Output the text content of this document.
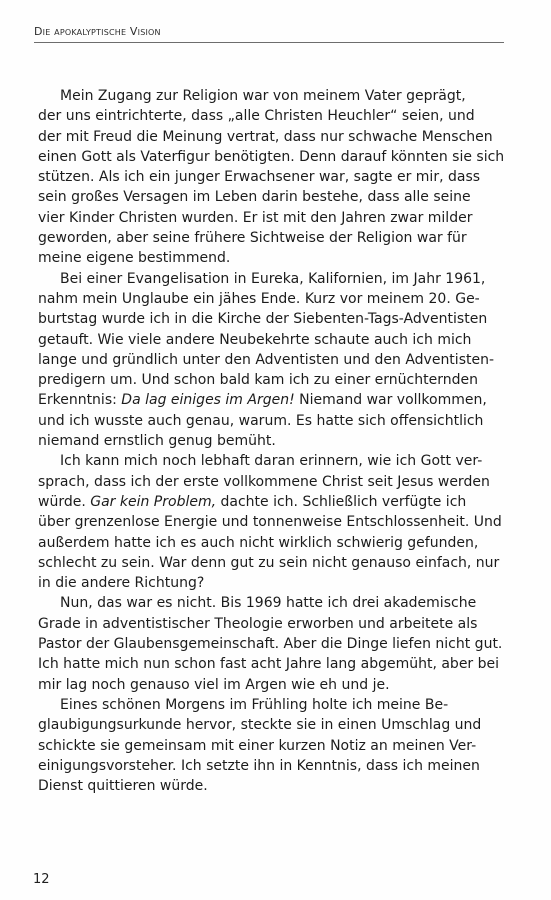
Die apokalyptische Vision
Mein Zugang zur Religion war von meinem Vater geprägt,
der uns eintrichterte, dass „alle Christen Heuchler“ seien, und
der mit Freud die Meinung vertrat, dass nur schwache Menschen
einen Gott als Vaterfigur benötigten. Denn darauf könnten sie sich
stützen. Als ich ein junger Erwachsener war, sagte er mir, dass
sein großes Versagen im Leben darin bestehe, dass alle seine
vier Kinder Christen wurden. Er ist mit den Jahren zwar milder
geworden, aber seine frühere Sichtweise der Religion war für
meine eigene bestimmend.
Bei einer Evangelisation in Eureka, Kalifornien, im Jahr 1961,
nahm mein Unglaube ein jähes Ende. Kurz vor meinem 20. Ge-
burtstag wurde ich in die Kirche der Siebenten-Tags-Adventisten
getauft. Wie viele andere Neubekehrte schaute auch ich mich
lange und gründlich unter den Adventisten und den Adventisten-
predigern um. Und schon bald kam ich zu einer ernüchternden
Erkenntnis: Da lag einiges im Argen! Niemand war vollkommen,
und ich wusste auch genau, warum. Es hatte sich offensichtlich
niemand ernstlich genug bemüht.
Ich kann mich noch lebhaft daran erinnern, wie ich Gott ver-
sprach, dass ich der erste vollkommene Christ seit Jesus werden
würde. Gar kein Problem, dachte ich. Schließlich verfügte ich
über grenzenlose Energie und tonnenweise Entschlossenheit. Und
außerdem hatte ich es auch nicht wirklich schwierig gefunden,
schlecht zu sein. War denn gut zu sein nicht genauso einfach, nur
in die andere Richtung?
Nun, das war es nicht. Bis 1969 hatte ich drei akademische
Grade in adventistischer Theologie erworben und arbeitete als
Pastor der Glaubensgemeinschaft. Aber die Dinge liefen nicht gut.
Ich hatte mich nun schon fast acht Jahre lang abgemüht, aber bei
mir lag noch genauso viel im Argen wie eh und je.
Eines schönen Morgens im Frühling holte ich meine Be-
glaubigungsurkunde hervor, steckte sie in einen Umschlag und
schickte sie gemeinsam mit einer kurzen Notiz an meinen Ver-
einigungsvorsteher. Ich setzte ihn in Kenntnis, dass ich meinen
Dienst quittieren würde.
12
